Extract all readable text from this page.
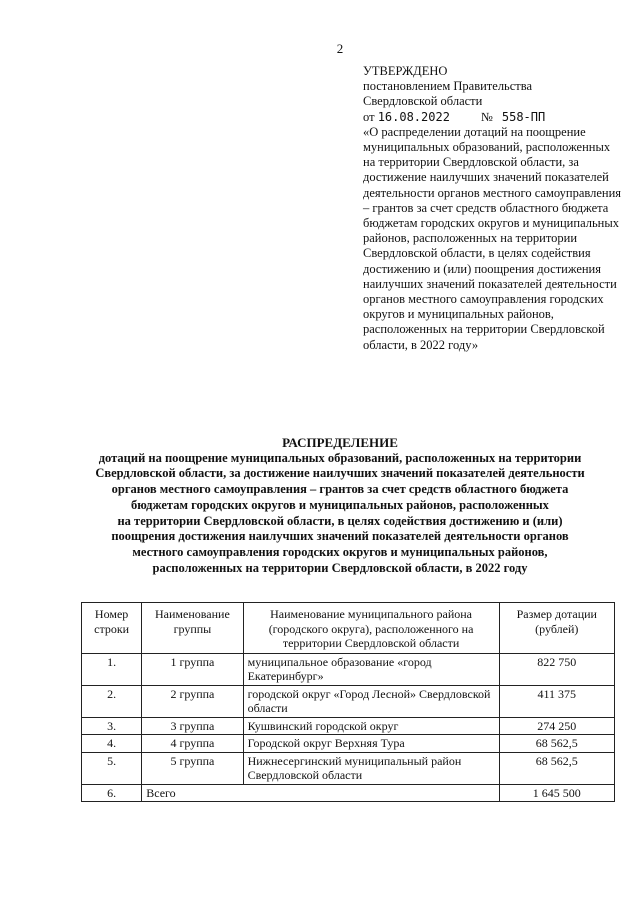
2
УТВЕРЖДЕНО
постановлением Правительства
Свердловской области
от 16.08.2022 № 558-ПП
«О распределении дотаций на поощрение муниципальных образований, расположенных на территории Свердловской области, за достижение наилучших значений показателей деятельности органов местного самоуправления – грантов за счет средств областного бюджета бюджетам городских округов и муниципальных районов, расположенных на территории Свердловской области, в целях содействия достижению и (или) поощрения достижения наилучших значений показателей деятельности органов местного самоуправления городских округов и муниципальных районов, расположенных на территории Свердловской области, в 2022 году»
РАСПРЕДЕЛЕНИЕ
дотаций на поощрение муниципальных образований, расположенных на территории
Свердловской области, за достижение наилучших значений показателей деятельности
органов местного самоуправления – грантов за счет средств областного бюджета
бюджетам городских округов и муниципальных районов, расположенных
на территории Свердловской области, в целях содействия достижению и (или)
поощрения достижения наилучших значений показателей деятельности органов
местного самоуправления городских округов и муниципальных районов,
расположенных на территории Свердловской области, в 2022 году
Номер строки	Наименование группы	Наименование муниципального района (городского округа), расположенного на территории Свердловской области	Размер дотации (рублей)
1.	1 группа	муниципальное образование «город Екатеринбург»	822 750
2.	2 группа	городской округ «Город Лесной» Свердловской области	411 375
3.	3 группа	Кушвинский городской округ	274 250
4.	4 группа	Городской округ Верхняя Тура	68 562,5
5.	5 группа	Нижнесергинский муниципальный район Свердловской области	68 562,5
6.	Всего		1 645 500
